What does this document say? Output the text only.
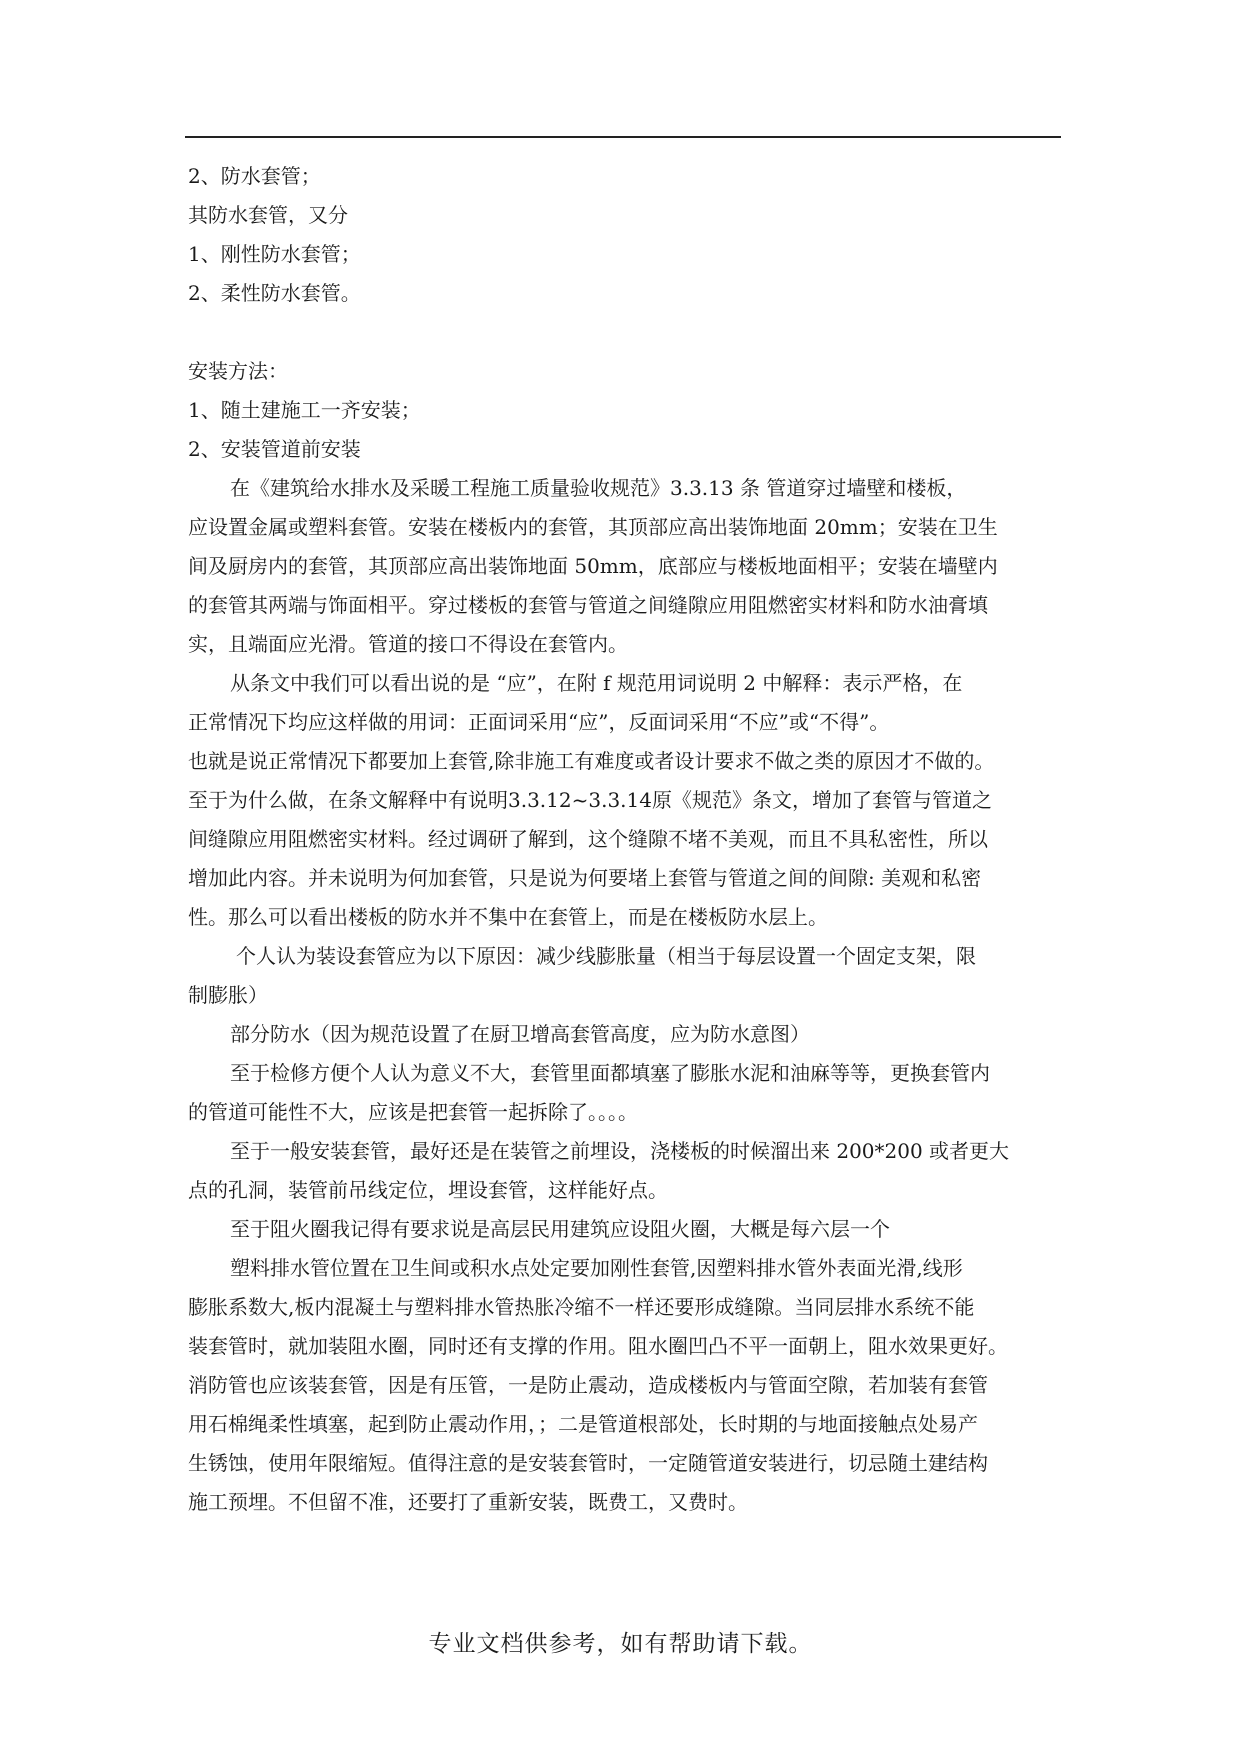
2、防水套管；
其防水套管，又分
1、刚性防水套管；
2、柔性防水套管。
安装方法：
1、随土建施工一齐安装；
2、安装管道前安装
在《建筑给水排水及采暖工程施工质量验收规范》3.3.13 条 管道穿过墙壁和楼板，
应设置金属或塑料套管。安装在楼板内的套管，其顶部应高出装饰地面 20mm；安装在卫生
间及厨房内的套管，其顶部应高出装饰地面 50mm，底部应与楼板地面相平；安装在墙壁内
的套管其两端与饰面相平。穿过楼板的套管与管道之间缝隙应用阻燃密实材料和防水油膏填
实，且端面应光滑。管道的接口不得设在套管内。
从条文中我们可以看出说的是 “应”，在附 f 规范用词说明 2 中解释：表示严格，在
正常情况下均应这样做的用词：正面词采用“应”，反面词采用“不应”或“不得”。
也就是说正常情况下都要加上套管,除非施工有难度或者设计要求不做之类的原因才不做的。
至于为什么做，在条文解释中有说明3.3.12~3.3.14原《规范》条文，增加了套管与管道之
间缝隙应用阻燃密实材料。经过调研了解到，这个缝隙不堵不美观，而且不具私密性，所以
增加此内容。并未说明为何加套管，只是说为何要堵上套管与管道之间的间隙: 美观和私密
性。那么可以看出楼板的防水并不集中在套管上，而是在楼板防水层上。
个人认为装设套管应为以下原因：减少线膨胀量（相当于每层设置一个固定支架，限
制膨胀）
部分防水（因为规范设置了在厨卫增高套管高度，应为防水意图）
至于检修方便个人认为意义不大，套管里面都填塞了膨胀水泥和油麻等等，更换套管内
的管道可能性不大，应该是把套管一起拆除了。。。。
至于一般安装套管，最好还是在装管之前埋设，浇楼板的时候溜出来 200*200 或者更大
点的孔洞，装管前吊线定位，埋设套管，这样能好点。
至于阻火圈我记得有要求说是高层民用建筑应设阻火圈，大概是每六层一个
塑料排水管位置在卫生间或积水点处定要加刚性套管,因塑料排水管外表面光滑,线形
膨胀系数大,板内混凝土与塑料排水管热胀冷缩不一样还要形成缝隙。当同层排水系统不能
装套管时，就加装阻水圈，同时还有支撑的作用。阻水圈凹凸不平一面朝上，阻水效果更好。
消防管也应该装套管，因是有压管，一是防止震动，造成楼板内与管面空隙，若加装有套管
用石棉绳柔性填塞，起到防止震动作用，；二是管道根部处，长时期的与地面接触点处易产
生锈蚀，使用年限缩短。值得注意的是安装套管时，一定随管道安装进行，切忌随土建结构
施工预埋。不但留不准，还要打了重新安装，既费工，又费时。
专业文档供参考，如有帮助请下载。
